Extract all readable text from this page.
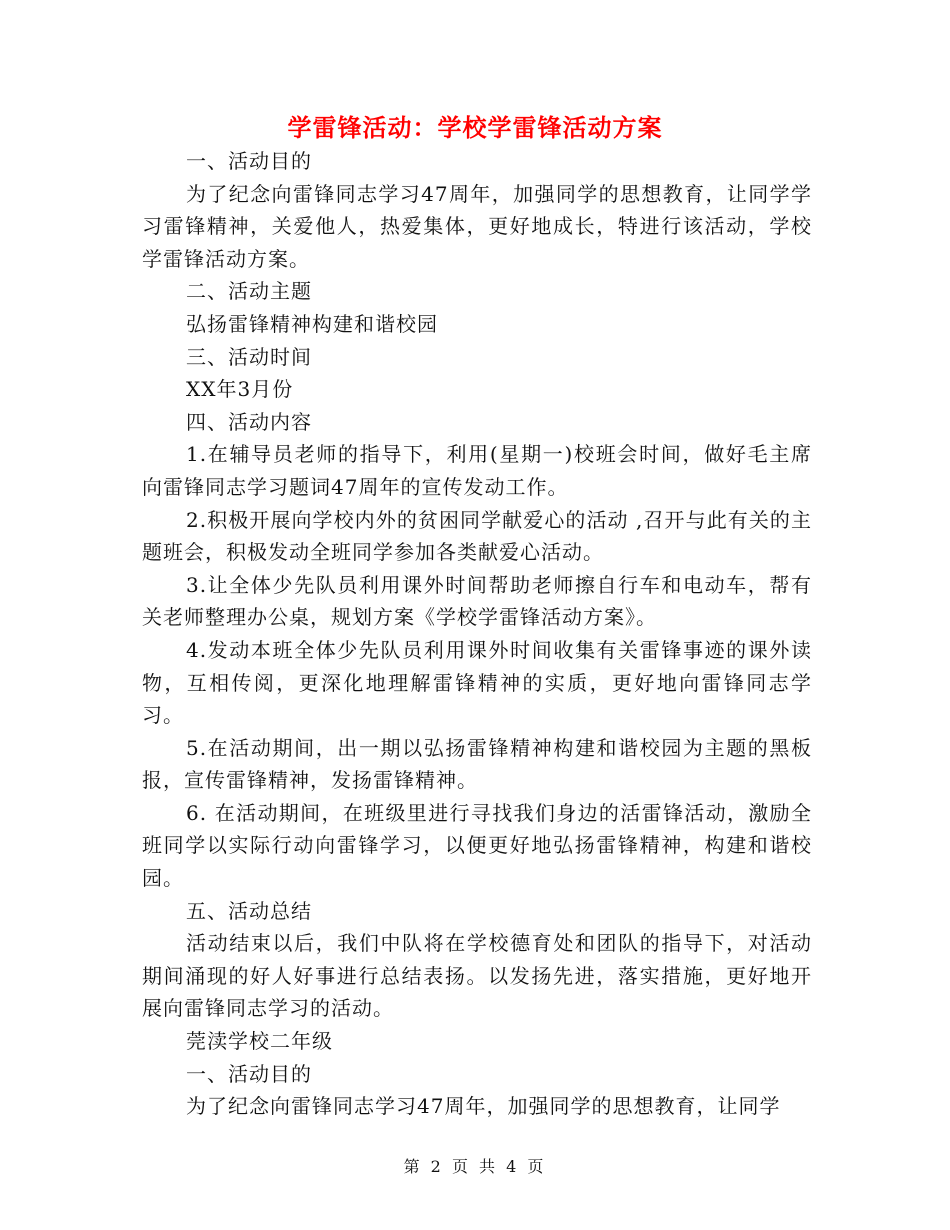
学雷锋活动：学校学雷锋活动方案

一、活动目的

为了纪念向雷锋同志学习47周年，加强同学的思想教育，让同学学习雷锋精神，关爱他人，热爱集体，更好地成长，特进行该活动，学校学雷锋活动方案。

二、活动主题

弘扬雷锋精神构建和谐校园

三、活动时间

XX年3月份

四、活动内容

1.在辅导员老师的指导下，利用(星期一)校班会时间，做好毛主席向雷锋同志学习题词47周年的宣传发动工作。

2.积极开展向学校内外的贫困同学献爱心的活动 ,召开与此有关的主题班会，积极发动全班同学参加各类献爱心活动。

3.让全体少先队员利用课外时间帮助老师擦自行车和电动车，帮有关老师整理办公桌，规划方案《学校学雷锋活动方案》。

4.发动本班全体少先队员利用课外时间收集有关雷锋事迹的课外读物，互相传阅，更深化地理解雷锋精神的实质，更好地向雷锋同志学习。

5.在活动期间，出一期以弘扬雷锋精神构建和谐校园为主题的黑板报，宣传雷锋精神，发扬雷锋精神。

6. 在活动期间，在班级里进行寻找我们身边的活雷锋活动，激励全班同学以实际行动向雷锋学习，以便更好地弘扬雷锋精神，构建和谐校园。

五、活动总结

活动结束以后，我们中队将在学校德育处和团队的指导下，对活动期间涌现的好人好事进行总结表扬。以发扬先进，落实措施，更好地开展向雷锋同志学习的活动。

莞渎学校二年级

一、活动目的

为了纪念向雷锋同志学习47周年，加强同学的思想教育，让同学

第 2 页 共 4 页
